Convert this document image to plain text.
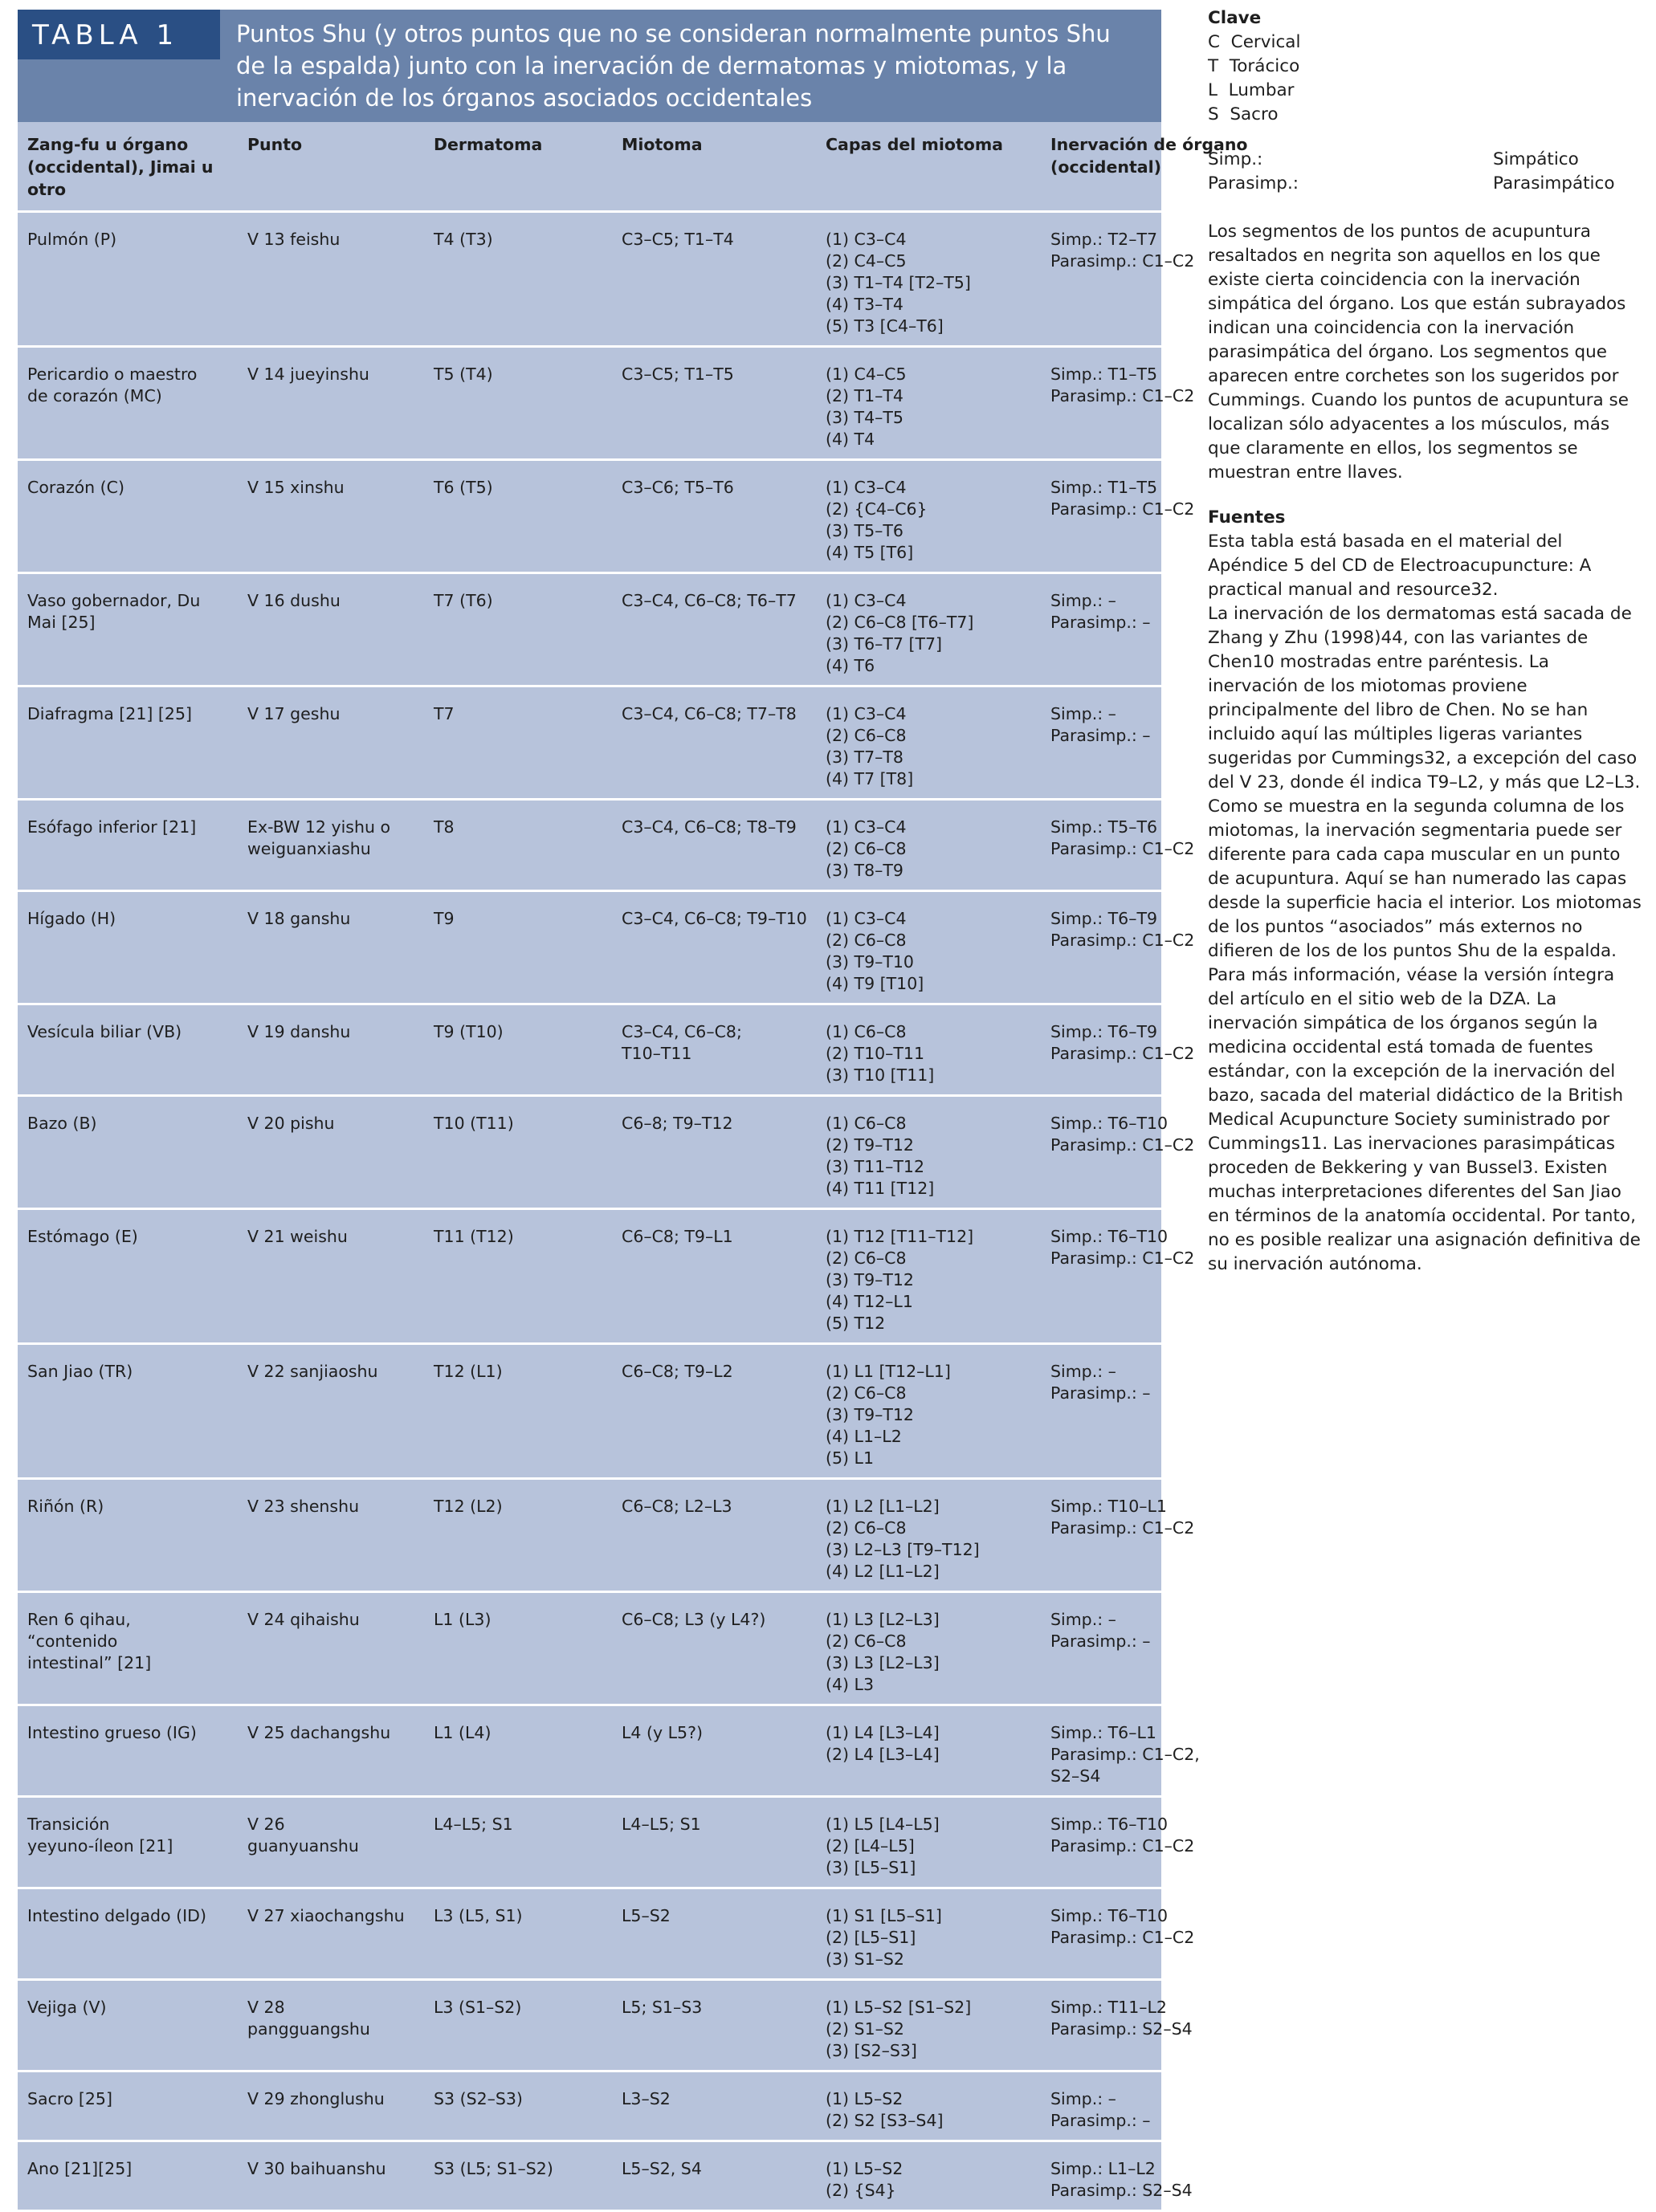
TABLA 1	Puntos Shu (y otros puntos que no se consideran normalmente puntos Shu de la espalda) junto con la inervación de dermatomas y miotomas, y la inervación de los órganos asociados occidentales
Zang-fu u órgano (occidental), Jimai u otro	Punto	Dermatoma	Miotoma	Capas del miotoma	Inervación de órgano (occidental)
Pulmón (P)	V 13 feishu	T4 (T3)	C3–C5; T1–T4	(1) C3–C4
(2) C4–C5
(3) T1–T4 [T2–T5]
(4) T3–T4
(5) T3 [C4–T6]	Simp.: T2–T7
Parasimp.: C1–C2
Pericardio o maestro
de corazón (MC)	V 14 jueyinshu	T5 (T4)	C3–C5; T1–T5	(1) C4–C5
(2) T1–T4
(3) T4–T5
(4) T4	Simp.: T1–T5
Parasimp.: C1–C2
Corazón (C)	V 15 xinshu	T6 (T5)	C3–C6; T5–T6	(1) C3–C4
(2) {C4–C6}
(3) T5–T6
(4) T5 [T6]	Simp.: T1–T5
Parasimp.: C1–C2
Vaso gobernador, Du
Mai [25]	V 16 dushu	T7 (T6)	C3–C4, C6–C8; T6–T7	(1) C3–C4
(2) C6–C8 [T6–T7]
(3) T6–T7 [T7]
(4) T6	Simp.: –
Parasimp.: –
Diafragma [21] [25]	V 17 geshu	T7	C3–C4, C6–C8; T7–T8	(1) C3–C4
(2) C6–C8
(3) T7–T8
(4) T7 [T8]	Simp.: –
Parasimp.: –
Esófago inferior [21]	Ex-BW 12 yishu o
weiguanxiashu	T8	C3–C4, C6–C8; T8–T9	(1) C3–C4
(2) C6–C8
(3) T8–T9	Simp.: T5–T6
Parasimp.: C1–C2
Hígado (H)	V 18 ganshu	T9	C3–C4, C6–C8; T9–T10	(1) C3–C4
(2) C6–C8
(3) T9–T10
(4) T9 [T10]	Simp.: T6–T9
Parasimp.: C1–C2
Vesícula biliar (VB)	V 19 danshu	T9 (T10)	C3–C4, C6–C8;
T10–T11	(1) C6–C8
(2) T10–T11
(3) T10 [T11]	Simp.: T6–T9
Parasimp.: C1–C2
Bazo (B)	V 20 pishu	T10 (T11)	C6–8; T9–T12	(1) C6–C8
(2) T9–T12
(3) T11–T12
(4) T11 [T12]	Simp.: T6–T10
Parasimp.: C1–C2
Estómago (E)	V 21 weishu	T11 (T12)	C6–C8; T9–L1	(1) T12 [T11–T12]
(2) C6–C8
(3) T9–T12
(4) T12–L1
(5) T12	Simp.: T6–T10
Parasimp.: C1–C2
San Jiao (TR)	V 22 sanjiaoshu	T12 (L1)	C6–C8; T9–L2	(1) L1 [T12–L1]
(2) C6–C8
(3) T9–T12
(4) L1–L2
(5) L1	Simp.: –
Parasimp.: –
Riñón (R)	V 23 shenshu	T12 (L2)	C6–C8; L2–L3	(1) L2 [L1–L2]
(2) C6–C8
(3) L2–L3 [T9–T12]
(4) L2 [L1–L2]	Simp.: T10–L1
Parasimp.: C1–C2
Ren 6 qihau,
“contenido
intestinal” [21]	V 24 qihaishu	L1 (L3)	C6–C8; L3 (y L4?)	(1) L3 [L2–L3]
(2) C6–C8
(3) L3 [L2–L3]
(4) L3	Simp.: –
Parasimp.: –
Intestino grueso (IG)	V 25 dachangshu	L1 (L4)	L4 (y L5?)	(1) L4 [L3–L4]
(2) L4 [L3–L4]	Simp.: T6–L1
Parasimp.: C1–C2,
S2–S4
Transición
yeyuno-íleon [21]	V 26
guanyuanshu	L4–L5; S1	L4–L5; S1	(1) L5 [L4–L5]
(2) [L4–L5]
(3) [L5–S1]	Simp.: T6–T10
Parasimp.: C1–C2
Intestino delgado (ID)	V 27 xiaochangshu	L3 (L5, S1)	L5–S2	(1) S1 [L5–S1]
(2) [L5–S1]
(3) S1–S2	Simp.: T6–T10
Parasimp.: C1–C2
Vejiga (V)	V 28
pangguangshu	L3 (S1–S2)	L5; S1–S3	(1) L5–S2 [S1–S2]
(2) S1–S2
(3) [S2–S3]	Simp.: T11–L2
Parasimp.: S2–S4
Sacro [25]	V 29 zhonglushu	S3 (S2–S3)	L3–S2	(1) L5–S2
(2) S2 [S3–S4]	Simp.: –
Parasimp.: –
Ano [21][25]	V 30 baihuanshu	S3 (L5; S1–S2)	L5–S2, S4	(1) L5–S2
(2) {S4}	Simp.: L1–L2
Parasimp.: S2–S4
Clave
C  Cervical
T  Torácico
L  Lumbar
S  Sacro
Simp.:	Simpático
Parasimp.:	Parasimpático
Los segmentos de los puntos de acupuntura resaltados en negrita son aquellos en los que existe cierta coincidencia con la inervación simpática del órgano. Los que están subrayados indican una coincidencia con la inervación parasimpática del órgano. Los segmentos que aparecen entre corchetes son los sugeridos por Cummings. Cuando los puntos de acupuntura se localizan sólo adyacentes a los músculos, más que claramente en ellos, los segmentos se muestran entre llaves.
Fuentes
Esta tabla está basada en el material del Apéndice 5 del CD de Electroacupuncture: A practical manual and resource32.
La inervación de los dermatomas está sacada de Zhang y Zhu (1998)44, con las variantes de Chen10 mostradas entre paréntesis. La inervación de los miotomas proviene principalmente del libro de Chen. No se han incluido aquí las múltiples ligeras variantes sugeridas por Cummings32, a excepción del caso del V 23, donde él indica T9–L2, y más que L2–L3. Como se muestra en la segunda columna de los miotomas, la inervación segmentaria puede ser diferente para cada capa muscular en un punto de acupuntura. Aquí se han numerado las capas desde la superficie hacia el interior. Los miotomas de los puntos “asociados” más externos no difieren de los de los puntos Shu de la espalda. Para más información, véase la versión íntegra del artículo en el sitio web de la DZA. La inervación simpática de los órganos según la medicina occidental está tomada de fuentes estándar, con la excepción de la inervación del bazo, sacada del material didáctico de la British Medical Acupuncture Society suministrado por Cummings11. Las inervaciones parasimpáticas proceden de Bekkering y van Bussel3. Existen muchas interpretaciones diferentes del San Jiao en términos de la anatomía occidental. Por tanto, no es posible realizar una asignación definitiva de su inervación autónoma.
